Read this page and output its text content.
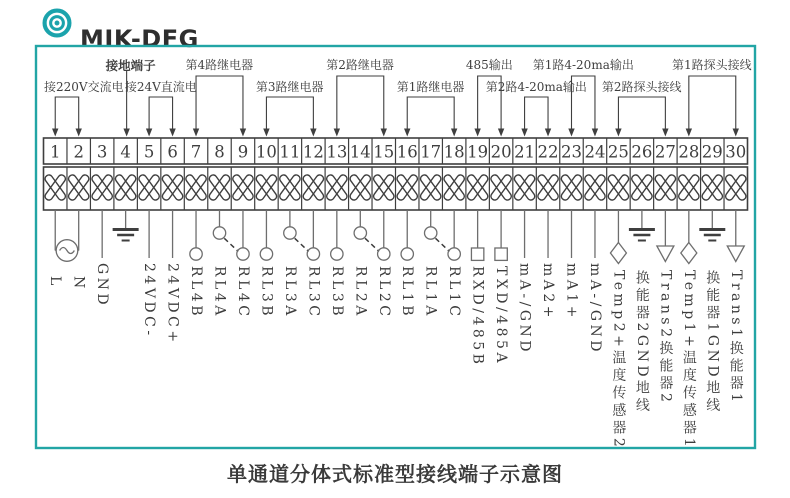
MIK-DFG
1 2 3 4 5 6 7 8 9 10 11 12 13 14 15 16 17 18 19 20 21 22 23 24 25 26 27 28 29 30
L N GND 24VDC- 24VDC+ RL4B RL4A RL4C RL3B RL3A RL3C RL3B RL2A RL2C RL1B RL1A RL1C RXD/485B TXD/485A mA-/GND mA2+ mA1+ mA-/GND Temp2+温度传感器2 换能器2GND地线 Trans2换能器2 Temp1+温度传感器1 换能器1GND地线 Trans1换能器1
接220V交流电
接地端子
接24V直流电
第4路继电器
第3路继电器
第2路继电器
第1路继电器
485输出
第2路4-20ma输出
第1路4-20ma输出
第2路探头接线
第1路探头接线
单通道分体式标准型接线端子示意图
